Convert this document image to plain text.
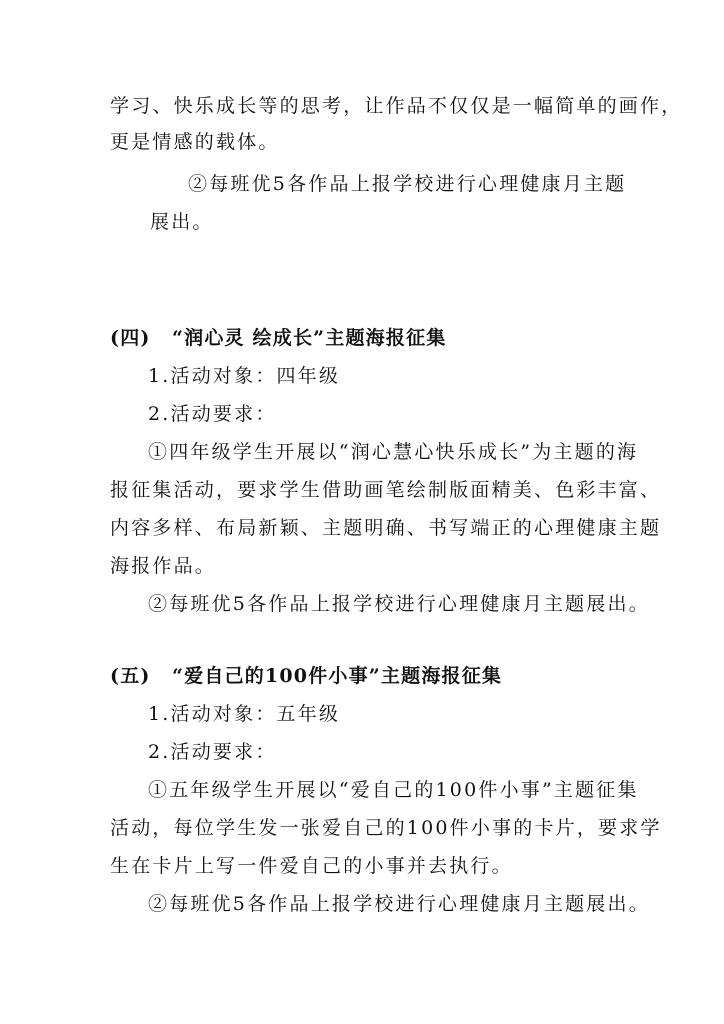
学习、快乐成长等的思考，让作品不仅仅是一幅简单的画作，
更是情感的载体。
②每班优5各作品上报学校进行心理健康月主题
展出。
(四) “润心灵 绘成长”主题海报征集
1.活动对象：四年级
2.活动要求：
①四年级学生开展以“润心慧心快乐成长”为主题的海
报征集活动，要求学生借助画笔绘制版面精美、色彩丰富、
内容多样、布局新颖、主题明确、书写端正的心理健康主题
海报作品。
②每班优5各作品上报学校进行心理健康月主题展出。
(五) “爱自己的100件小事”主题海报征集
1.活动对象：五年级
2.活动要求：
①五年级学生开展以“爱自己的100件小事”主题征集
活动，每位学生发一张爱自己的100件小事的卡片，要求学
生在卡片上写一件爱自己的小事并去执行。
②每班优5各作品上报学校进行心理健康月主题展出。
